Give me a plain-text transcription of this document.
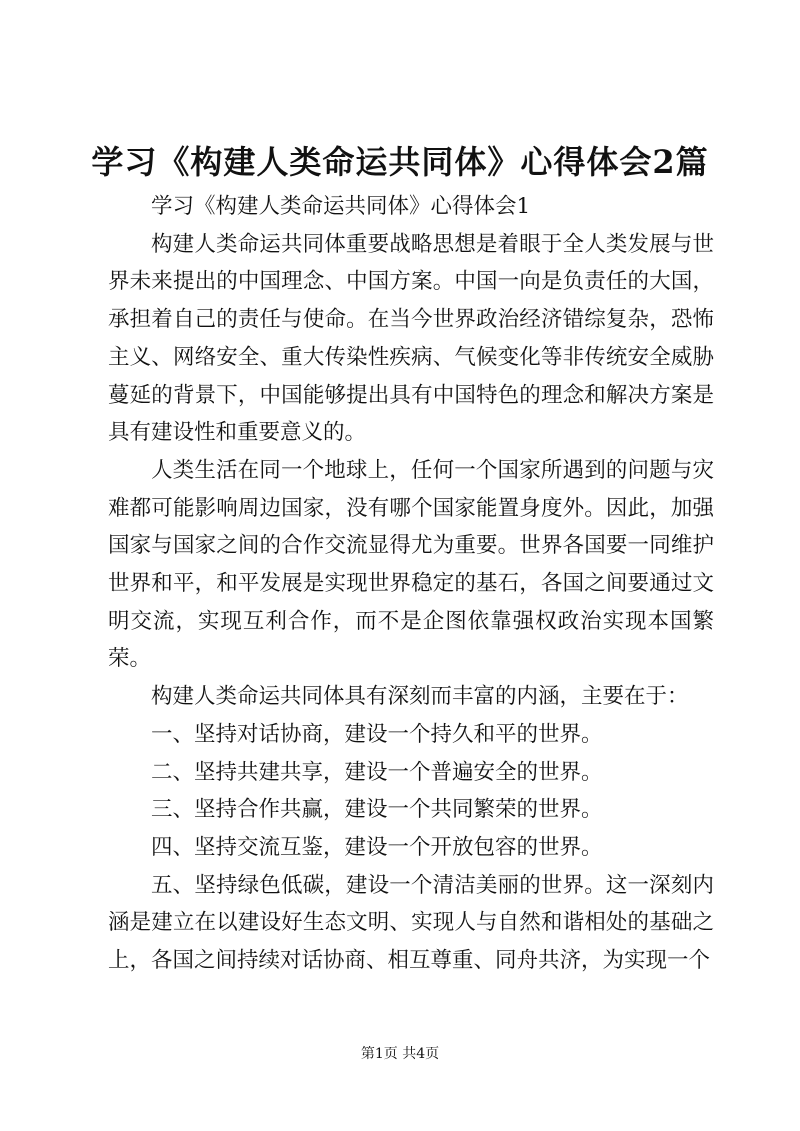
学习《构建人类命运共同体》心得体会2篇

学习《构建人类命运共同体》心得体会1

构建人类命运共同体重要战略思想是着眼于全人类发展与世界未来提出的中国理念、中国方案。中国一向是负责任的大国，承担着自己的责任与使命。在当今世界政治经济错综复杂，恐怖主义、网络安全、重大传染性疾病、气候变化等非传统安全威胁蔓延的背景下，中国能够提出具有中国特色的理念和解决方案是具有建设性和重要意义的。

人类生活在同一个地球上，任何一个国家所遇到的问题与灾难都可能影响周边国家，没有哪个国家能置身度外。因此，加强国家与国家之间的合作交流显得尤为重要。世界各国要一同维护世界和平，和平发展是实现世界稳定的基石，各国之间要通过文明交流，实现互利合作，而不是企图依靠强权政治实现本国繁荣。

构建人类命运共同体具有深刻而丰富的内涵，主要在于：

一、坚持对话协商，建设一个持久和平的世界。

二、坚持共建共享，建设一个普遍安全的世界。

三、坚持合作共赢，建设一个共同繁荣的世界。

四、坚持交流互鉴，建设一个开放包容的世界。

五、坚持绿色低碳，建设一个清洁美丽的世界。这一深刻内涵是建立在以建设好生态文明、实现人与自然和谐相处的基础之上，各国之间持续对话协商、相互尊重、同舟共济，为实现一个

第1页 共4页
